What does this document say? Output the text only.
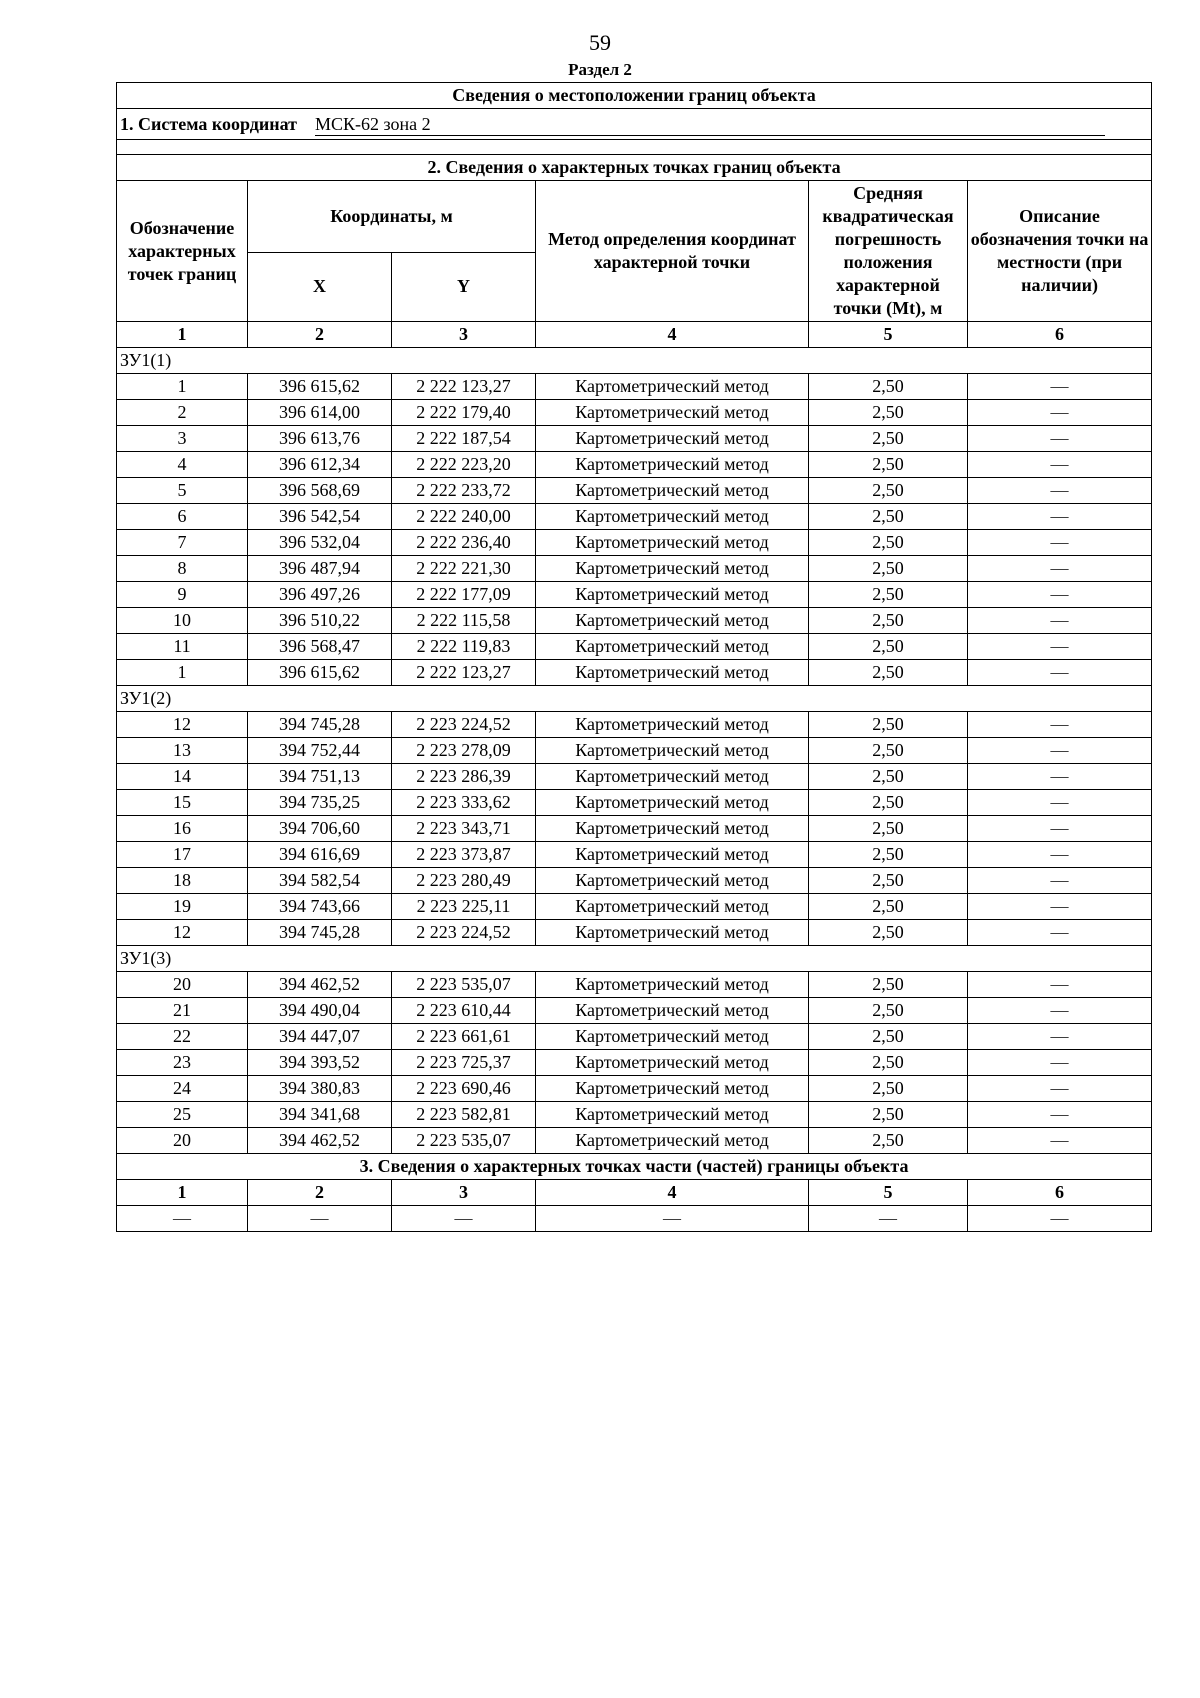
59
Раздел 2
Сведения о местоположении границ объекта					
1. Система координат МСК-62 зона 2					

2. Сведения о характерных точках границ объекта					
Обозначение характерных точек границ	Координаты, м		Метод определения координат характерной точки	Средняя квадратическая погрешность положения характерной точки (Mt), м	Описание обозначения точки на местности (при наличии)
	X	Y			
1	2	3	4	5	6
ЗУ1(1)					
1	396 615,62	2 222 123,27	Картометрический метод	2,50	—
2	396 614,00	2 222 179,40	Картометрический метод	2,50	—
3	396 613,76	2 222 187,54	Картометрический метод	2,50	—
4	396 612,34	2 222 223,20	Картометрический метод	2,50	—
5	396 568,69	2 222 233,72	Картометрический метод	2,50	—
6	396 542,54	2 222 240,00	Картометрический метод	2,50	—
7	396 532,04	2 222 236,40	Картометрический метод	2,50	—
8	396 487,94	2 222 221,30	Картометрический метод	2,50	—
9	396 497,26	2 222 177,09	Картометрический метод	2,50	—
10	396 510,22	2 222 115,58	Картометрический метод	2,50	—
11	396 568,47	2 222 119,83	Картометрический метод	2,50	—
1	396 615,62	2 222 123,27	Картометрический метод	2,50	—
ЗУ1(2)					
12	394 745,28	2 223 224,52	Картометрический метод	2,50	—
13	394 752,44	2 223 278,09	Картометрический метод	2,50	—
14	394 751,13	2 223 286,39	Картометрический метод	2,50	—
15	394 735,25	2 223 333,62	Картометрический метод	2,50	—
16	394 706,60	2 223 343,71	Картометрический метод	2,50	—
17	394 616,69	2 223 373,87	Картометрический метод	2,50	—
18	394 582,54	2 223 280,49	Картометрический метод	2,50	—
19	394 743,66	2 223 225,11	Картометрический метод	2,50	—
12	394 745,28	2 223 224,52	Картометрический метод	2,50	—
ЗУ1(3)					
20	394 462,52	2 223 535,07	Картометрический метод	2,50	—
21	394 490,04	2 223 610,44	Картометрический метод	2,50	—
22	394 447,07	2 223 661,61	Картометрический метод	2,50	—
23	394 393,52	2 223 725,37	Картометрический метод	2,50	—
24	394 380,83	2 223 690,46	Картометрический метод	2,50	—
25	394 341,68	2 223 582,81	Картометрический метод	2,50	—
20	394 462,52	2 223 535,07	Картометрический метод	2,50	—
3. Сведения о характерных точках части (частей) границы объекта					
1	2	3	4	5	6
—	—	—	—	—	—
